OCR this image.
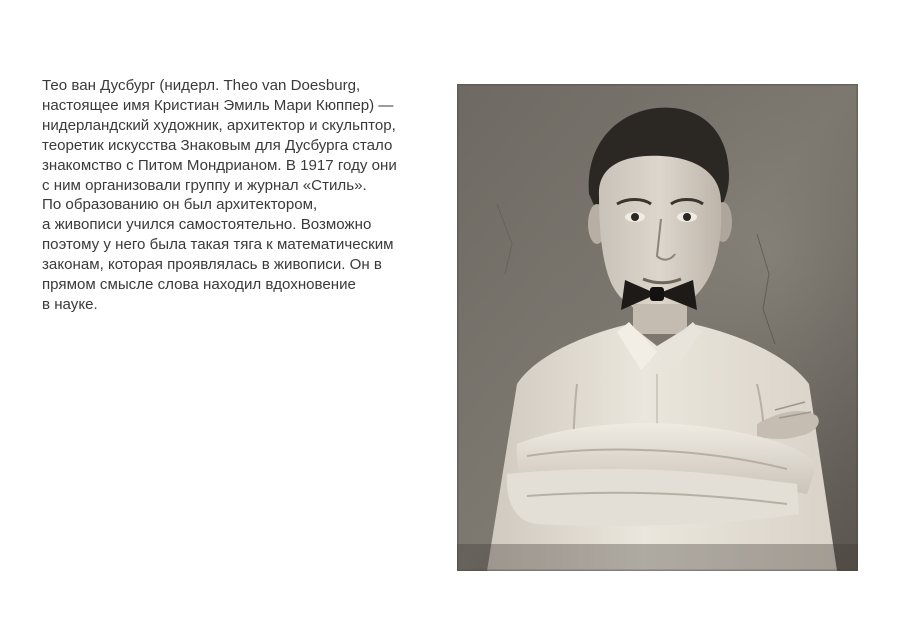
Тео ван Дусбург (нидерл. Theo van Doesburg,
настоящее имя Кристиан Эмиль Мари Кюппер) —
нидерландский художник, архитектор и скульптор,
теоретик искусства Знаковым для Дусбурга стало
знакомство с Питом Мондрианом. В 1917 году они
с ним организовали группу и журнал «Стиль».
По образованию он был архитектором,
а живописи учился самостоятельно. Возможно
поэтому у него была такая тяга к математическим
законам, которая проявлялась в живописи. Он в
прямом смысле слова находил вдохновение
в науке.
